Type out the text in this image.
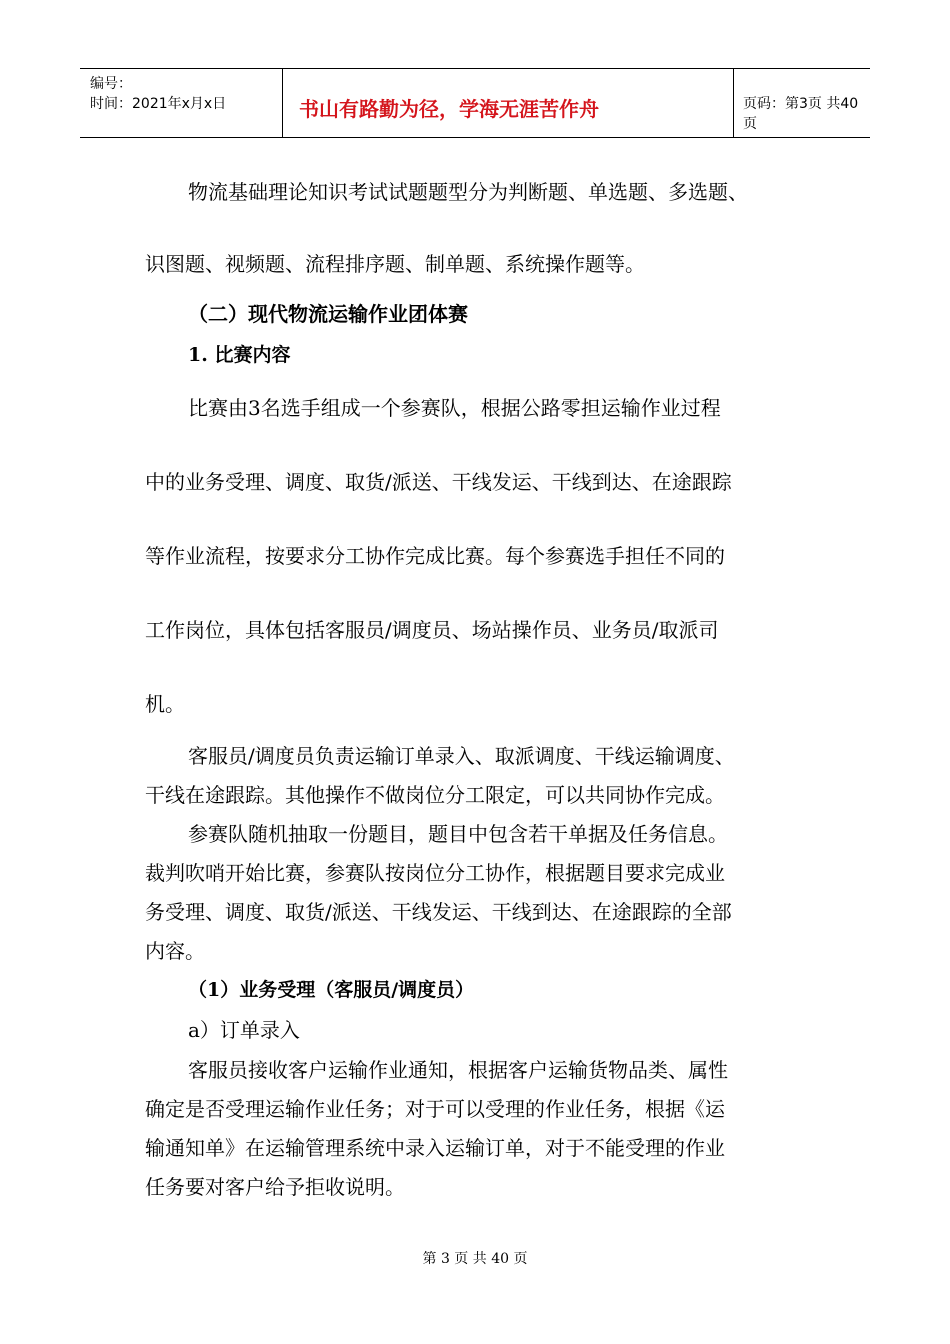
编号：
时间：2021年x月x日	书山有路勤为径，学海无涯苦作舟	页码：第3页 共40页
物流基础理论知识考试试题题型分为判断题、单选题、多选题、
识图题、视频题、流程排序题、制单题、系统操作题等。
（二）现代物流运输作业团体赛
1. 比赛内容
比赛由3名选手组成一个参赛队，根据公路零担运输作业过程
中的业务受理、调度、取货/派送、干线发运、干线到达、在途跟踪
等作业流程，按要求分工协作完成比赛。每个参赛选手担任不同的
工作岗位，具体包括客服员/调度员、场站操作员、业务员/取派司
机。
客服员/调度员负责运输订单录入、取派调度、干线运输调度、
干线在途跟踪。其他操作不做岗位分工限定，可以共同协作完成。
参赛队随机抽取一份题目，题目中包含若干单据及任务信息。
裁判吹哨开始比赛，参赛队按岗位分工协作，根据题目要求完成业
务受理、调度、取货/派送、干线发运、干线到达、在途跟踪的全部
内容。
（1）业务受理（客服员/调度员）
a）订单录入
客服员接收客户运输作业通知，根据客户运输货物品类、属性
确定是否受理运输作业任务；对于可以受理的作业任务，根据《运
输通知单》在运输管理系统中录入运输订单，对于不能受理的作业
任务要对客户给予拒收说明。
第 3 页 共 40 页
